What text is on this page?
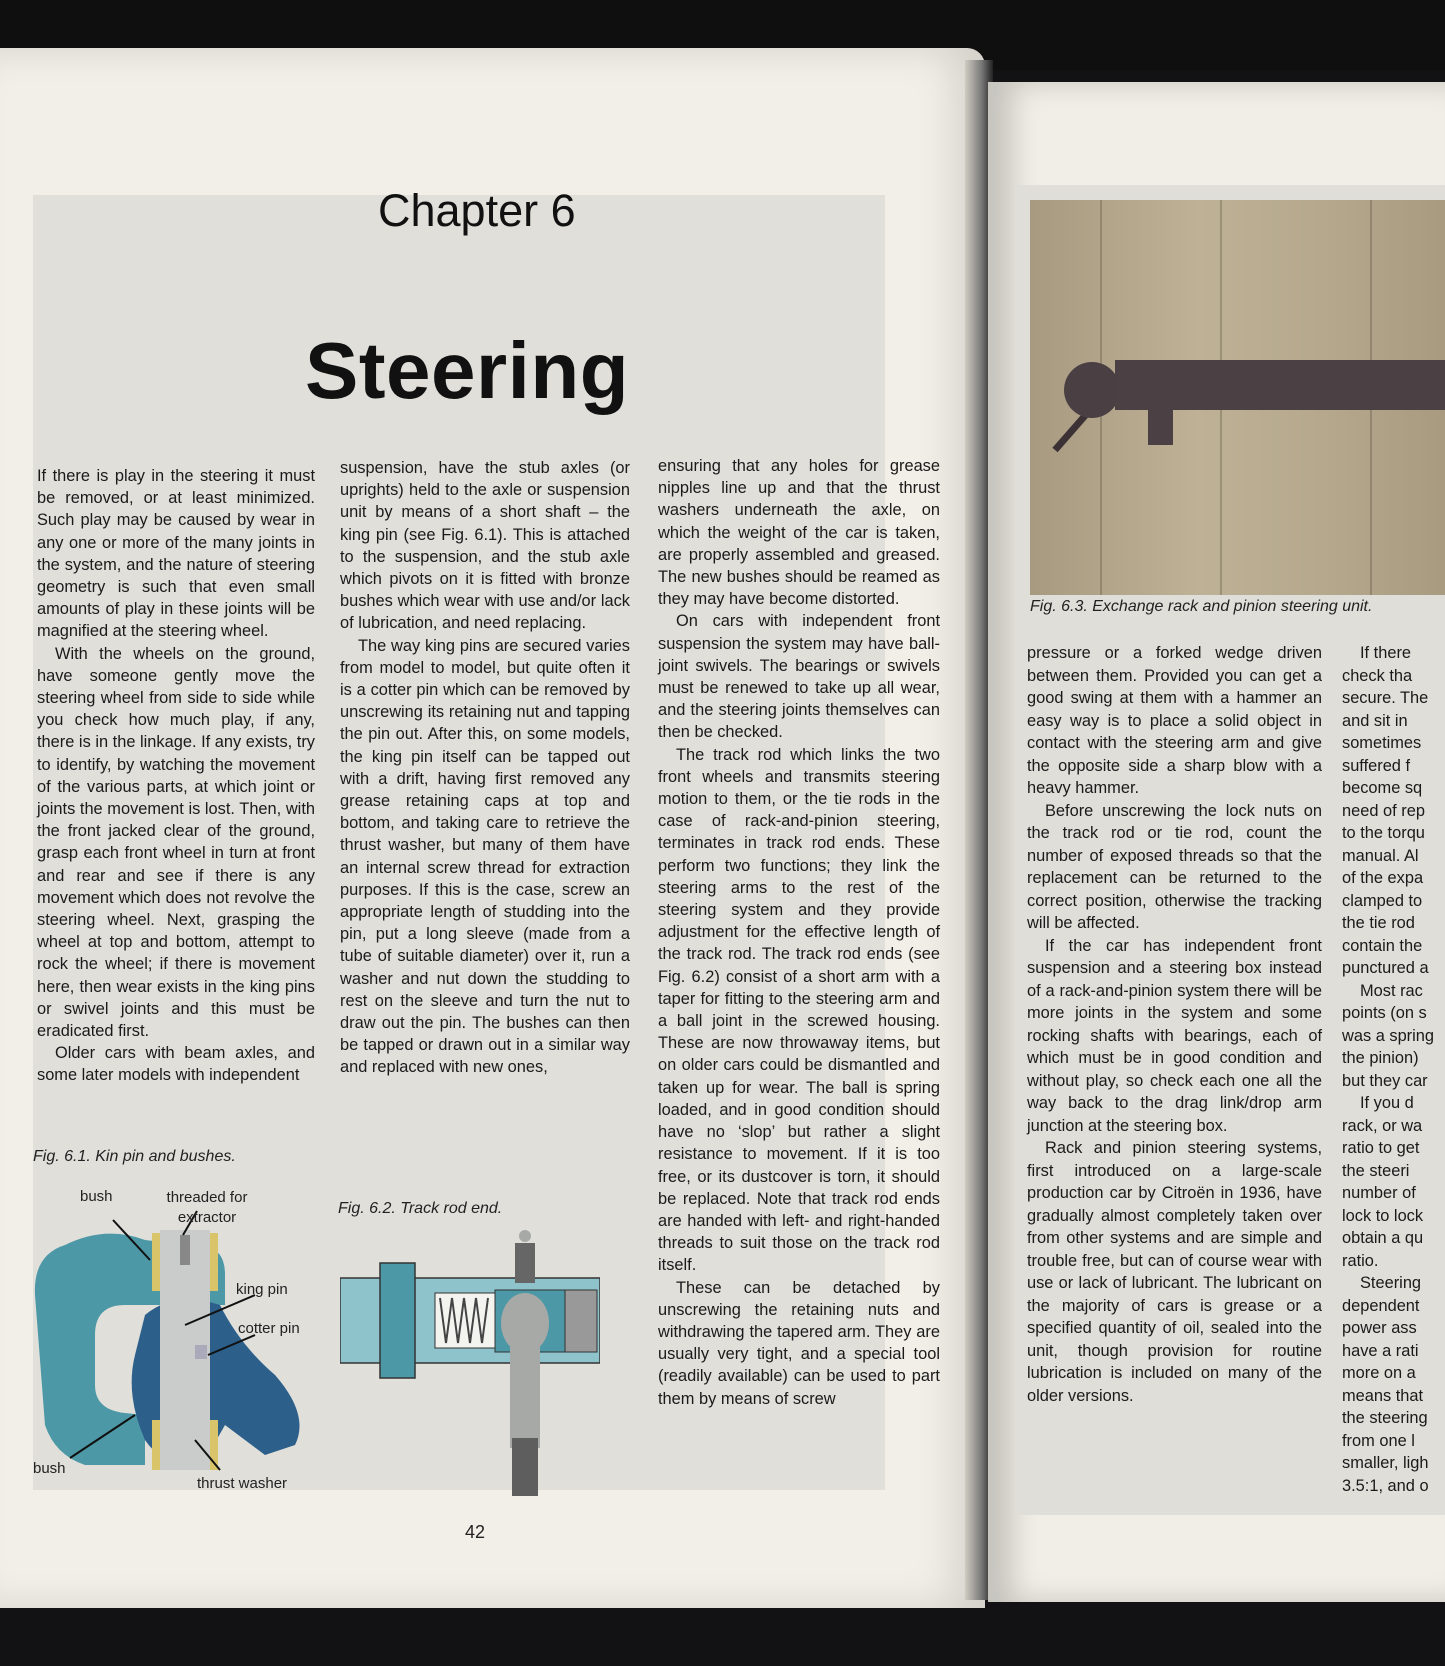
Chapter 6
Steering

If there is play in the steering it must be removed, or at least minimized. Such play may be caused by wear in any one or more of the many joints in the system, and the nature of steering geometry is such that even small amounts of play in these joints will be magnified at the steering wheel.

With the wheels on the ground, have someone gently move the steering wheel from side to side while you check how much play, if any, there is in the linkage. If any exists, try to identify, by watching the movement of the various parts, at which joint or joints the movement is lost. Then, with the front jacked clear of the ground, grasp each front wheel in turn at front and rear and see if there is any movement which does not revolve the steering wheel. Next, grasping the wheel at top and bottom, attempt to rock the wheel; if there is movement here, then wear exists in the king pins or swivel joints and this must be eradicated first.

Older cars with beam axles, and some later models with independent

suspension, have the stub axles (or uprights) held to the axle or suspension unit by means of a short shaft – the king pin (see Fig. 6.1). This is attached to the suspension, and the stub axle which pivots on it is fitted with bronze bushes which wear with use and/or lack of lubrication, and need replacing.

The way king pins are secured varies from model to model, but quite often it is a cotter pin which can be removed by unscrewing its retaining nut and tapping the pin out. After this, on some models, the king pin itself can be tapped out with a drift, having first removed any grease retaining caps at top and bottom, and taking care to retrieve the thrust washer, but many of them have an internal screw thread for extraction purposes. If this is the case, screw an appropriate length of studding into the pin, put a long sleeve (made from a tube of suitable diameter) over it, run a washer and nut down the studding to rest on the sleeve and turn the nut to draw out the pin. The bushes can then be tapped or drawn out in a similar way and replaced with new ones,

ensuring that any holes for grease nipples line up and that the thrust washers underneath the axle, on which the weight of the car is taken, are properly assembled and greased. The new bushes should be reamed as they may have become distorted.

On cars with independent front suspension the system may have ball-joint swivels. The bearings or swivels must be renewed to take up all wear, and the steering joints themselves can then be checked.

The track rod which links the two front wheels and transmits steering motion to them, or the tie rods in the case of rack-and-pinion steering, terminates in track rod ends. These perform two functions; they link the steering arms to the rest of the steering system and they provide adjustment for the effective length of the track rod. The track rod ends (see Fig. 6.2) consist of a short arm with a taper for fitting to the steering arm and a ball joint in the screwed housing. These are now throwaway items, but on older cars could be dismantled and taken up for wear. The ball is spring loaded, and in good condition should have no ‘slop’ but rather a slight resistance to movement. If it is too free, or its dustcover is torn, it should be replaced. Note that track rod ends are handed with left- and right-handed threads to suit those on the track rod itself.

These can be detached by unscrewing the retaining nuts and withdrawing the tapered arm. They are usually very tight, and a special tool (readily available) can be used to part them by means of screw

Fig. 6.1. Kin pin and bushes.
bush	threaded for extractor
king pin
cotter pin
bush
thrust washer
Fig. 6.2. Track rod end.
42
Fig. 6.3. Exchange rack and pinion steering unit.

pressure or a forked wedge driven between them. Provided you can get a good swing at them with a hammer an easy way is to place a solid object in contact with the steering arm and give the opposite side a sharp blow with a heavy hammer.

Before unscrewing the lock nuts on the track rod or tie rod, count the number of exposed threads so that the replacement can be returned to the correct position, otherwise the tracking will be affected.

If the car has independent front suspension and a steering box instead of a rack-and-pinion system there will be more joints in the system and some rocking shafts with bearings, each of which must be in good condition and without play, so check each one all the way back to the drag link/drop arm junction at the steering box.

Rack and pinion steering systems, first introduced on a large-scale production car by Citroën in 1936, have gradually almost completely taken over from other systems and are simple and trouble free, but can of course wear with use or lack of lubricant. The lubricant on the majority of cars is grease or a specified quantity of oil, sealed into the unit, though provision for routine lubrication is included on many of the older versions.

If there
check tha
secure. The
and sit in
sometimes
suffered f
become sq
need of rep
to the torqu
manual. Al
of the expa
clamped to
the tie rod
contain the
punctured a
Most rac
points (on s
was a spring
the pinion)
but they car
If you d
rack, or wa
ratio to get
the steeri
number of
lock to lock
obtain a qu
ratio.
Steering
dependent
power ass
have a rati
more on a
means that
the steering
from one l
smaller, ligh
3.5:1, and o
